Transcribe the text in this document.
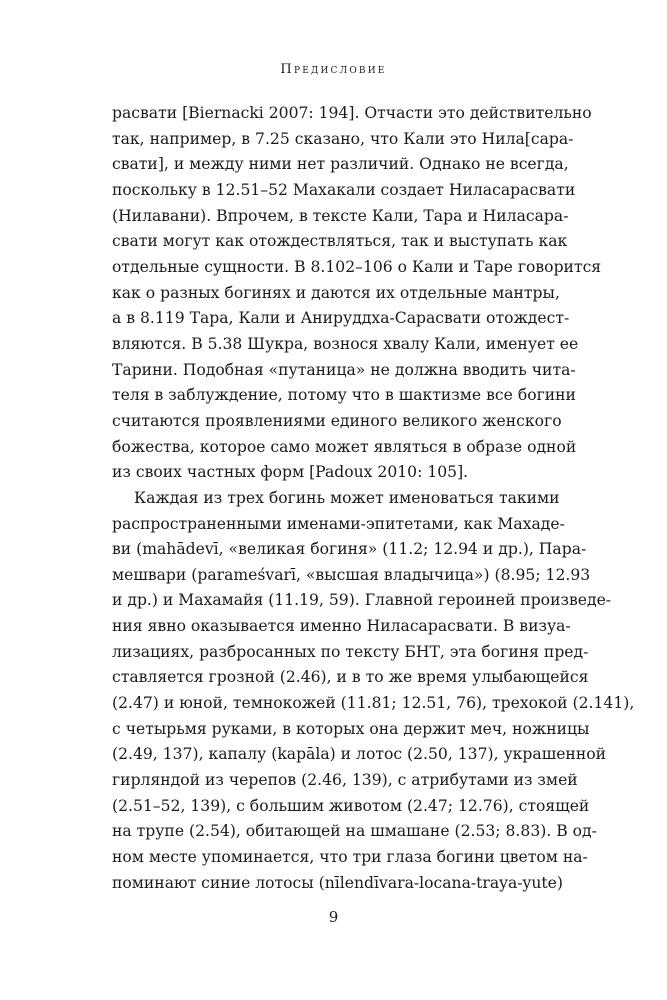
Предисловие
расвати [Biernacki 2007: 194]. Отчасти это действительно
так, например, в 7.25 сказано, что Кали это Нила[сара-
свати], и между ними нет различий. Однако не всегда,
поскольку в 12.51–52 Махакали создает Ниласарасвати
(Нилавани). Впрочем, в тексте Кали, Тара и Ниласара-
свати могут как отождествляться, так и выступать как
отдельные сущности. В 8.102–106 о Кали и Таре говорится
как о разных богинях и даются их отдельные мантры,
а в 8.119 Тара, Кали и Анируддха-Сарасвати отождест-
вляются. В 5.38 Шукра, вознося хвалу Кали, именует ее
Тарини. Подобная «путаница» не должна вводить чита-
теля в заблуждение, потому что в шактизме все богини
считаются проявлениями единого великого женского
божества, которое само может являться в образе одной
из своих частных форм [Padoux 2010: 105].
Каждая из трех богинь может именоваться такими
распространенными именами-эпитетами, как Махаде-
ви (mahādevī, «великая богиня» (11.2; 12.94 и др.), Пара-
мешвари (parameśvarī, «высшая владычица») (8.95; 12.93
и др.) и Махамайя (11.19, 59). Главной героиней произведе-
ния явно оказывается именно Ниласарасвати. В визуа-
лизациях, разбросанных по тексту БНТ, эта богиня пред-
ставляется грозной (2.46), и в то же время улыбающейся
(2.47) и юной, темнокожей (11.81; 12.51, 76), трехокой (2.141),
с четырьмя руками, в которых она держит меч, ножницы
(2.49, 137), капалу (kapāla) и лотос (2.50, 137), украшенной
гирляндой из черепов (2.46, 139), с атрибутами из змей
(2.51–52, 139), с большим животом (2.47; 12.76), стоящей
на трупе (2.54), обитающей на шмашане (2.53; 8.83). В од-
ном месте упоминается, что три глаза богини цветом на-
поминают синие лотосы (nīlendīvara-locana-traya-yute)
9
